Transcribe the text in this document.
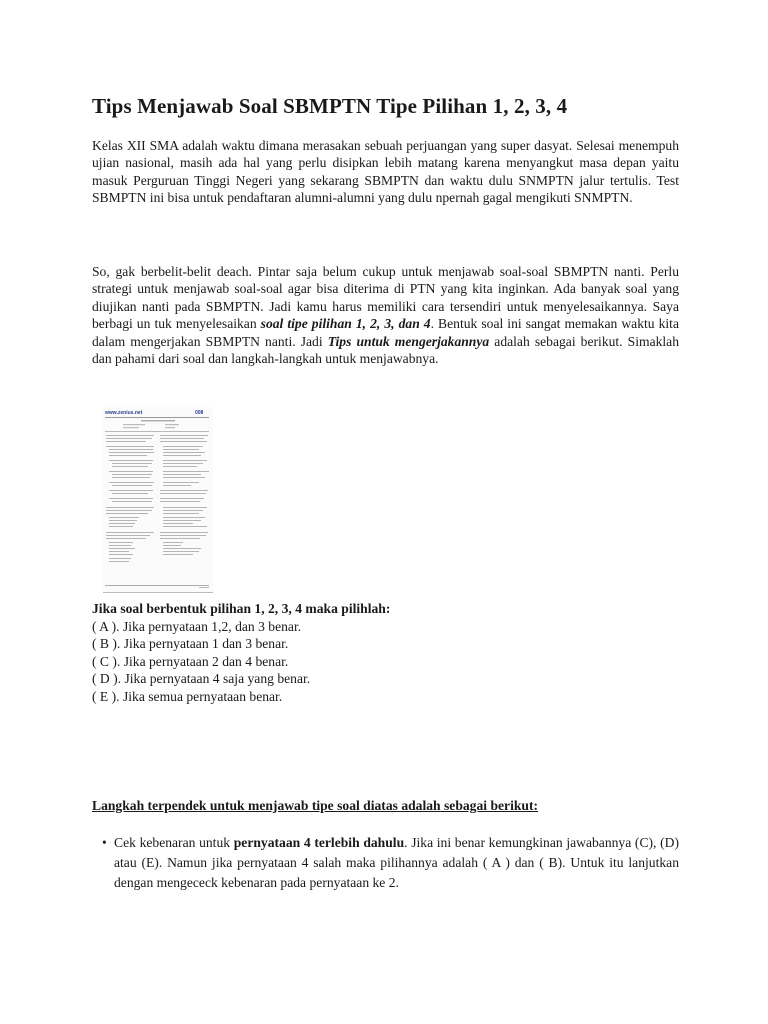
Tips Menjawab Soal SBMPTN Tipe Pilihan 1, 2, 3, 4

Kelas XII SMA adalah waktu dimana merasakan sebuah perjuangan yang super dasyat. Selesai menempuh ujian nasional, masih ada hal yang perlu disipkan lebih matang karena menyangkut masa depan yaitu masuk Perguruan Tinggi Negeri yang sekarang SBMPTN dan waktu dulu SNMPTN jalur tertulis. Test SBMPTN ini bisa untuk pendaftaran alumni-alumni yang dulu npernah gagal mengikuti SNMPTN.

So, gak berbelit-belit deach. Pintar saja belum cukup untuk menjawab soal-soal SBMPTN nanti. Perlu strategi untuk menjawab soal-soal agar bisa diterima di PTN yang kita inginkan. Ada banyak soal yang diujikan nanti pada SBMPTN. Jadi kamu harus memiliki cara tersendiri untuk menyelesaikannya. Saya berbagi un tuk menyelesaikan soal tipe pilihan 1, 2, 3, dan 4. Bentuk soal ini sangat memakan waktu kita dalam mengerjakan SBMPTN nanti. Jadi Tips untuk mengerjakannya adalah sebagai berikut. Simaklah dan pahami dari soal dan langkah-langkah untuk menjawabnya.

www.zenius.net	008
Jika soal berbentuk pilihan 1, 2, 3, 4 maka pilihlah:
( A ). Jika pernyataan 1,2, dan 3 benar.
( B ). Jika pernyataan 1 dan 3 benar.
( C ). Jika pernyataan 2 dan 4 benar.
( D ). Jika pernyataan 4 saja yang benar.
( E ). Jika semua pernyataan benar.
Langkah terpendek untuk menjawab tipe soal diatas adalah sebagai berikut:
• Cek kebenaran untuk pernyataan 4 terlebih dahulu. Jika ini benar kemungkinan jawabannya (C), (D) atau (E). Namun jika pernyataan 4 salah maka pilihannya adalah ( A ) dan ( B). Untuk itu lanjutkan dengan mengececk kebenaran pada pernyataan ke 2.
